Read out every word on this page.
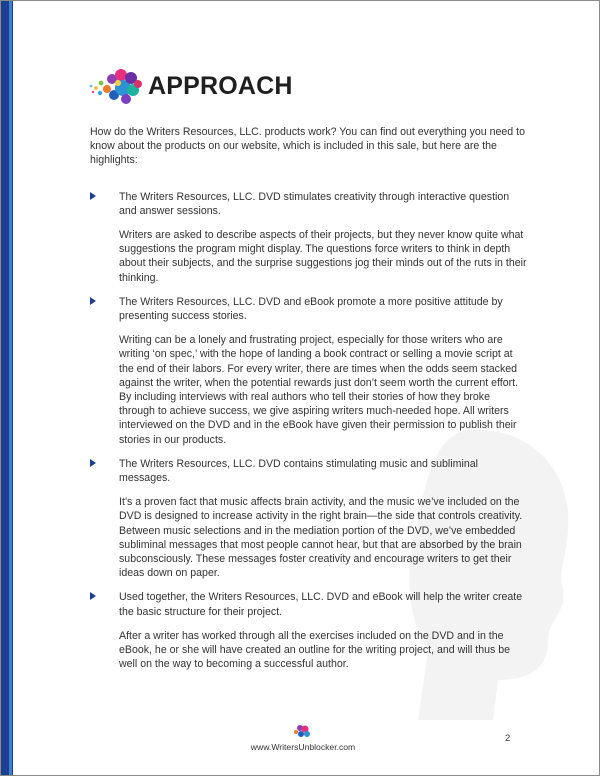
APPROACH

How do the Writers Resources, LLC. products work? You can find out everything you need to know about the products on our website, which is included in this sale, but here are the highlights:

The Writers Resources, LLC. DVD stimulates creativity through interactive question and answer sessions.

Writers are asked to describe aspects of their projects, but they never know quite what suggestions the program might display. The questions force writers to think in depth about their subjects, and the surprise suggestions jog their minds out of the ruts in their thinking.

The Writers Resources, LLC. DVD and eBook promote a more positive attitude by presenting success stories.

Writing can be a lonely and frustrating project, especially for those writers who are writing ‘on spec,’ with the hope of landing a book contract or selling a movie script at the end of their labors. For every writer, there are times when the odds seem stacked against the writer, when the potential rewards just don’t seem worth the current effort. By including interviews with real authors who tell their stories of how they broke through to achieve success, we give aspiring writers much-needed hope. All writers interviewed on the DVD and in the eBook have given their permission to publish their stories in our products.

The Writers Resources, LLC. DVD contains stimulating music and subliminal messages.

It’s a proven fact that music affects brain activity, and the music we’ve included on the DVD is designed to increase activity in the right brain—the side that controls creativity. Between music selections and in the mediation portion of the DVD, we’ve embedded subliminal messages that most people cannot hear, but that are absorbed by the brain subconsciously. These messages foster creativity and encourage writers to get their ideas down on paper.

Used together, the Writers Resources, LLC. DVD and eBook will help the writer create the basic structure for their project.

After a writer has worked through all the exercises included on the DVD and in the eBook, he or she will have created an outline for the writing project, and will thus be well on the way to becoming a successful author.

www.WritersUnblocker.com
2
